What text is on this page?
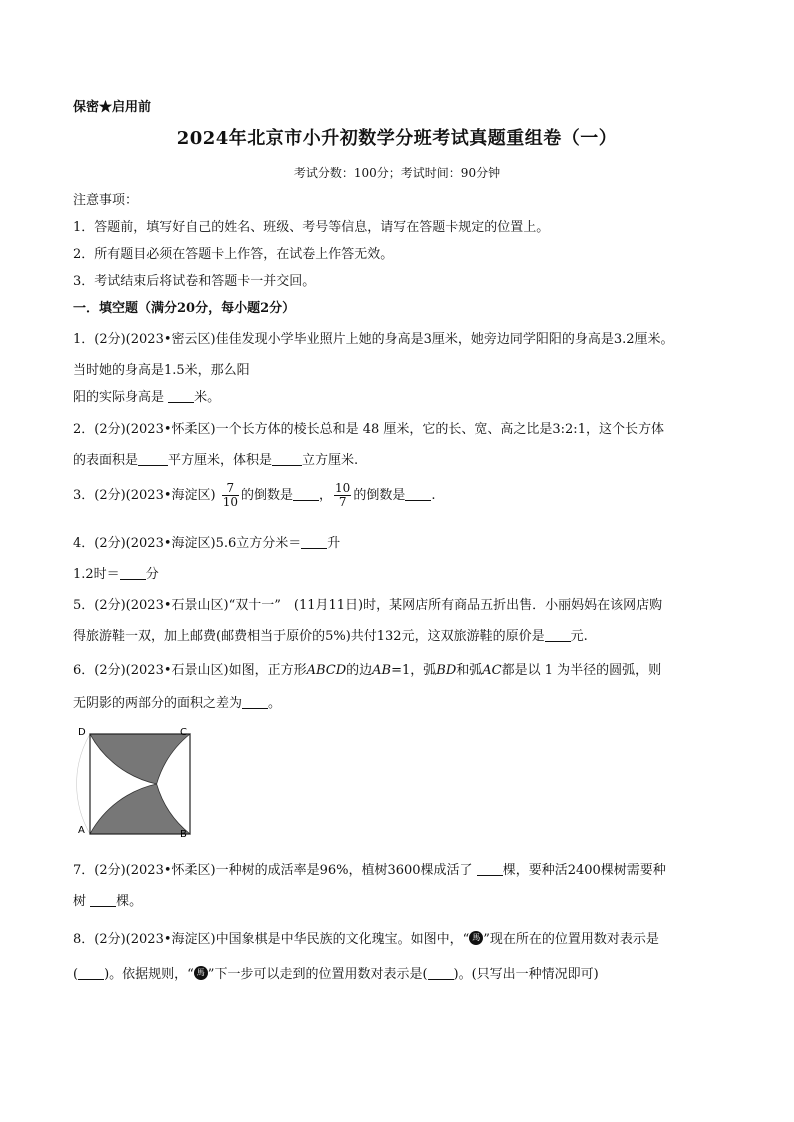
保密★启用前
2024年北京市小升初数学分班考试真题重组卷（一）
考试分数：100分；考试时间：90分钟
注意事项：
1．答题前，填写好自己的姓名、班级、考号等信息，请写在答题卡规定的位置上。
2．所有题目必须在答题卡上作答，在试卷上作答无效。
3．考试结束后将试卷和答题卡一并交回。
一．填空题（满分20分，每小题2分）
1．(2分)(2023•密云区)佳佳发现小学毕业照片上她的身高是3厘米，她旁边同学阳阳的身高是3.2厘米。
当时她的身高是1.5米，那么阳
阳的实际身高是 米。
2．(2分)(2023•怀柔区)一个长方体的棱长总和是 48 厘米，它的长、宽、高之比是3:2:1，这个长方体
的表面积是 平方厘米，体积是 立方厘米.
3．(2分)(2023•海淀区) $\frac{7}{10}$ 的倒数是 ， $\frac{10}{7}$ 的倒数是 .
4．(2分)(2023•海淀区)5.6立方分米＝ 升
1.2时＝ 分
5．(2分)(2023•石景山区)“双十一”　(11月11日)时，某网店所有商品五折出售．小丽妈妈在该网店购
得旅游鞋一双，加上邮费(邮费相当于原价的5%)共付132元，这双旅游鞋的原价是 元.
6．(2分)(2023•石景山区)如图，正方形ABCD的边AB=1，弧BD和弧AC都是以 1 为半径的圆弧，则
无阴影的两部分的面积之差为 。
D	C
A	B
7．(2分)(2023•怀柔区)一种树的成活率是96%，植树3600棵成活了 棵，要种活2400棵树需要种
树 棵。
8．(2分)(2023•海淀区)中国象棋是中华民族的文化瑰宝。如图中，“ 馬 ”现在所在的位置用数对表示是
( )。依据规则，“ 馬 ”下一步可以走到的位置用数对表示是( )。(只写出一种情况即可)
